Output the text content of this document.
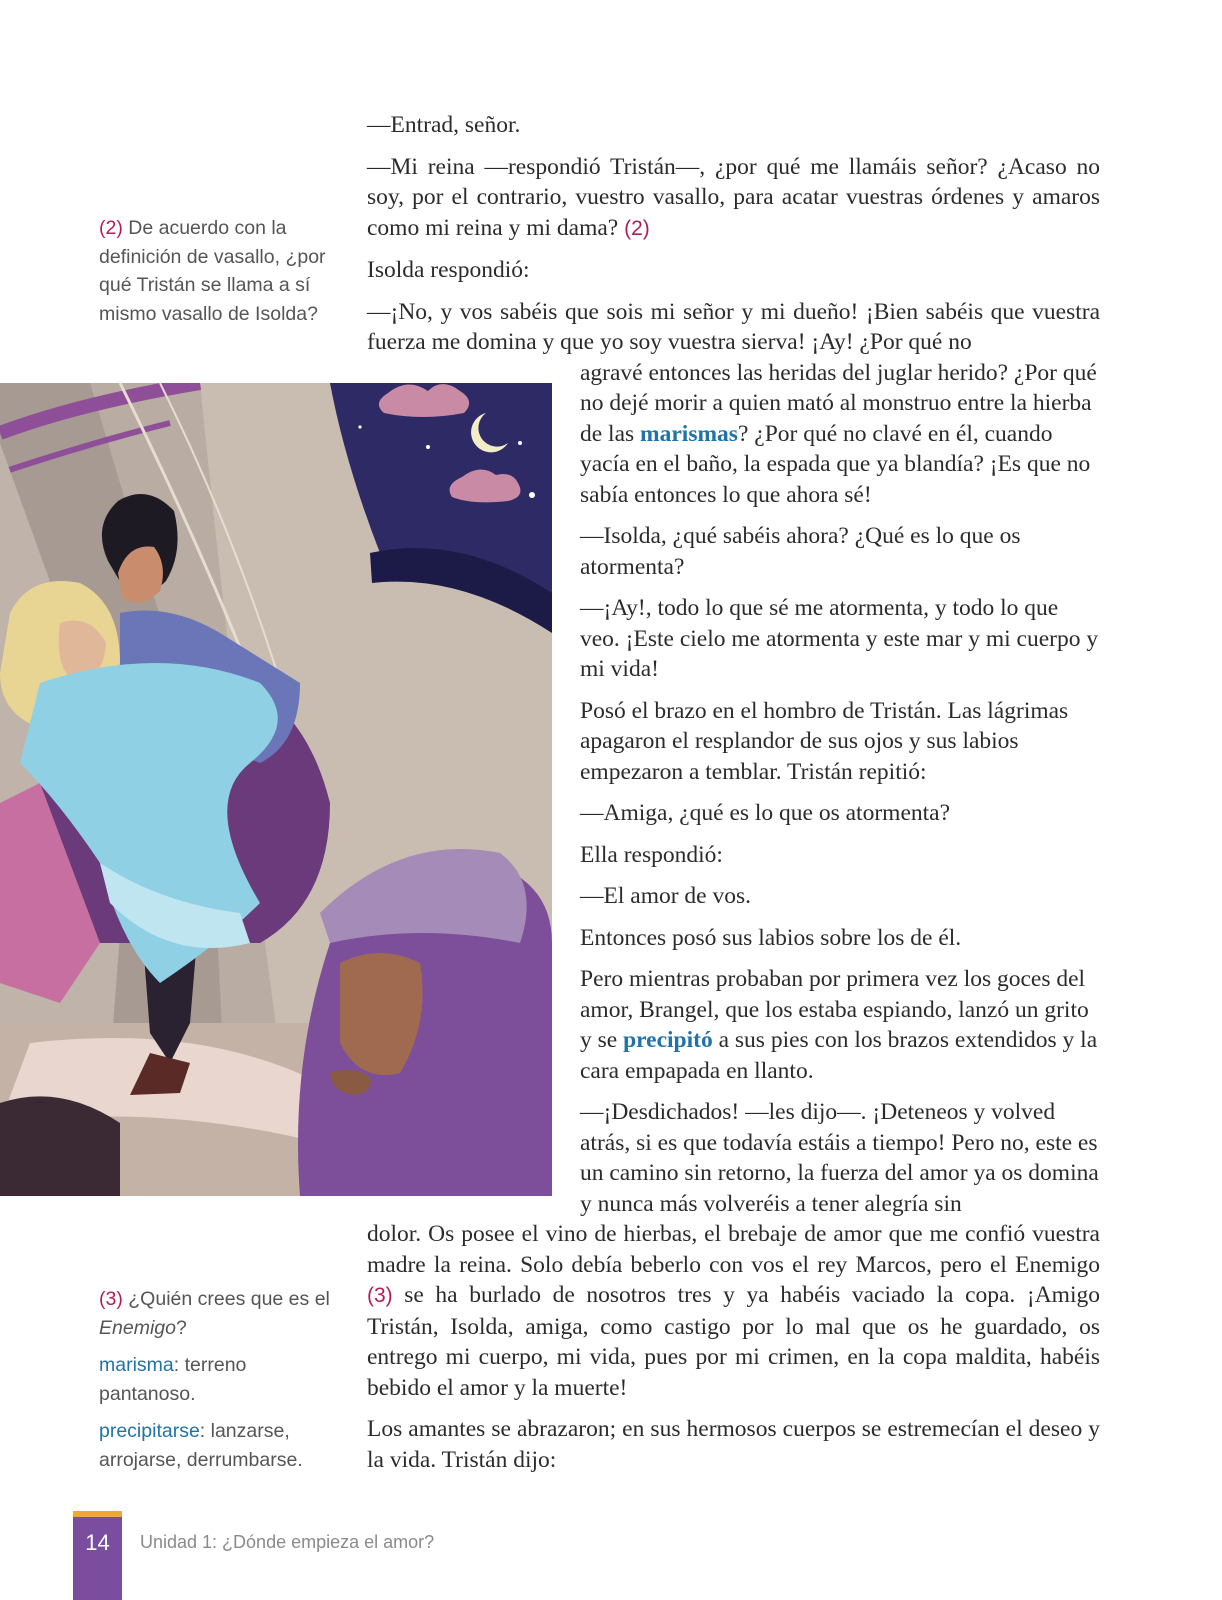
(2) De acuerdo con la definición de vasallo, ¿por qué Tristán se llama a sí mismo vasallo de Isolda?

(3) ¿Quién crees que es el Enemigo?

marisma: terreno pantanoso.

precipitarse: lanzarse, arrojarse, derrumbarse.

—Entrad, señor.

—Mi reina —respondió Tristán—, ¿por qué me llamáis señor? ¿Acaso no soy, por el contrario, vuestro vasallo, para acatar vuestras órdenes y amaros como mi reina y mi dama? (2)

Isolda respondió:

—¡No, y vos sabéis que sois mi señor y mi dueño! ¡Bien sabéis que vuestra fuerza me domina y que yo soy vuestra sierva! ¡Ay! ¿Por qué no

agravé entonces las heridas del juglar herido? ¿Por qué no dejé morir a quien mató al monstruo entre la hierba de las marismas? ¿Por qué no clavé en él, cuando yacía en el baño, la espada que ya blandía? ¡Es que no sabía entonces lo que ahora sé!

—Isolda, ¿qué sabéis ahora? ¿Qué es lo que os atormenta?

—¡Ay!, todo lo que sé me atormenta, y todo lo que veo. ¡Este cielo me atormenta y este mar y mi cuerpo y mi vida!

Posó el brazo en el hombro de Tristán. Las lágrimas apagaron el resplandor de sus ojos y sus labios empezaron a temblar. Tristán repitió:

—Amiga, ¿qué es lo que os atormenta?

Ella respondió:

—El amor de vos.

Entonces posó sus labios sobre los de él.

Pero mientras probaban por primera vez los goces del amor, Brangel, que los estaba espiando, lanzó un grito y se precipitó a sus pies con los brazos extendidos y la cara empapada en llanto.

—¡Desdichados! —les dijo—. ¡Deteneos y volved atrás, si es que todavía estáis a tiempo! Pero no, este es un camino sin retorno, la fuerza del amor ya os domina y nunca más volveréis a tener alegría sin

dolor. Os posee el vino de hierbas, el brebaje de amor que me confió vuestra madre la reina. Solo debía beberlo con vos el rey Marcos, pero el Enemigo (3) se ha burlado de nosotros tres y ya habéis vaciado la copa. ¡Amigo Tristán, Isolda, amiga, como castigo por lo mal que os he guardado, os entrego mi cuerpo, mi vida, pues por mi crimen, en la copa maldita, habéis bebido el amor y la muerte!

Los amantes se abrazaron; en sus hermosos cuerpos se estremecían el deseo y la vida. Tristán dijo:

14	Unidad 1: ¿Dónde empieza el amor?
